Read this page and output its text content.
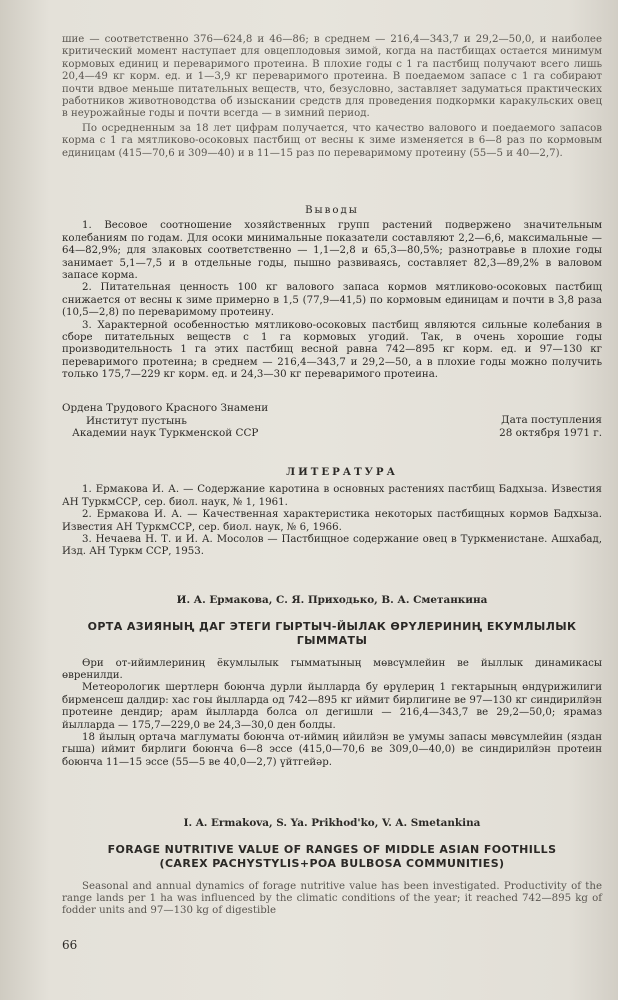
шие — соответственно 376—624,8 и 46—86; в среднем — 216,4—343,7 и 29,2—50,0, и наиболее критический момент наступает для овцеплодовыя зимой, когда на пастбищах остается минимум кормовых единиц и переваримого протеина. В плохие годы с 1 га пастбищ получают всего лишь 20,4—49 кг корм. ед. и 1—3,9 кг переваримого протеина. В поедаемом запасе с 1 га собирают почти вдвое меньше питательных веществ, что, безусловно, заставляет задуматься практических работников животноводства об изыскании средств для проведения подкормки каракульских овец в неурожайные годы и почти всегда — в зимний период.

По осредненным за 18 лет цифрам получается, что качество валового и поедаемого запасов корма с 1 га мятликово-осоковых пастбищ от весны к зиме изменяется в 6—8 раз по кормовым единицам (415—70,6 и 309—40) и в 11—15 раз по переваримому протеину (55—5 и 40—2,7).

Выводы

1. Весовое соотношение хозяйственных групп растений подвержено значительным колебаниям по годам. Для осоки минимальные показатели составляют 2,2—6,6, максимальные — 64—82,9%; для злаковых соответственно — 1,1—2,8 и 65,3—80,5%; разнотравье в плохие годы занимает 5,1—7,5 и в отдельные годы, пышно развиваясь, составляет 82,3—89,2% в валовом запасе корма.

2. Питательная ценность 100 кг валового запаса кормов мятликово-осоковых пастбищ снижается от весны к зиме примерно в 1,5 (77,9—41,5) по кормовым единицам и почти в 3,8 раза (10,5—2,8) по переваримому протеину.

3. Характерной особенностью мятликово-осоковых пастбищ являются сильные колебания в сборе питательных веществ с 1 га кормовых угодий. Так, в очень хорошие годы производительность 1 га этих пастбищ весной равна 742—895 кг корм. ед. и 97—130 кг переваримого протеина; в среднем — 216,4—343,7 и 29,2—50, а в плохие годы можно получить только 175,7—229 кг корм. ед. и 24,3—30 кг переваримого протеина.

Ордена Трудового Красного Знамени
Институт пустынь
Академии наук Туркменской ССР
Дата поступления
28 октября 1971 г.

ЛИТЕРАТУРА

1. Ермакова И. А. — Содержание каротина в основных растениях пастбищ Бадхыза. Известия АН ТуркмССР, сер. биол. наук, № 1, 1961.

2. Ермакова И. А. — Качественная характеристика некоторых пастбищных кормов Бадхыза. Известия АН ТуркмССР, сер. биол. наук, № 6, 1966.

3. Нечаева Н. Т. и И. А. Мосолов — Пастбищное содержание овец в Туркменистане. Ашхабад, Изд. АН Туркм ССР, 1953.

И. А. Ермакова, С. Я. Приходько, В. А. Сметанкина

ОРТА АЗИЯНЫҢ ДАГ ЭТЕГИ ГЫРТЫЧ-ЙЫЛАК ӨРҮЛЕРИНИҢ ЕКУМЛЫЛЫК ГЫММАТЫ

Өри от-ийимлериниң ёкумлылык гымматының мөвсүмлейин ве йыллык динамикасы өвренилди.

Метеорологик шертлерн боюнча дурли йылларда бу өрүлериң 1 гектарының өндүрижилиги бирменсеш далдир: хас гоы йылларда од 742—895 кг иймит бирлигине ве 97—130 кг синдирилйэн протеине дендир; арам йылларда болса ол дегишли — 216,4—343,7 ве 29,2—50,0; ярамаз йылларда — 175,7—229,0 ве 24,3—30,0 ден болды.

18 йылың ортача маглуматы боюнча от-иймиң ийилйэн ве умумы запасы мөвсүмлейин (яздан гыша) иймит бирлиги боюнча 6—8 эссе (415,0—70,6 ве 309,0—40,0) ве синдирилйэн протеин боюнча 11—15 эссе (55—5 ве 40,0—2,7) үйтгейәр.

I. A. Ermakova, S. Ya. Prikhod'ko, V. A. Smetankina

FORAGE NUTRITIVE VALUE OF RANGES OF MIDDLE ASIAN FOOTHILLS

(CAREX PACHYSTYLIS+POA BULBOSA COMMUNITIES)

Seasonal and annual dynamics of forage nutritive value has been investigated. Productivity of the range lands per 1 ha was influenced by the climatic conditions of the year; it reached 742—895 kg of fodder units and 97—130 kg of digestible

66
